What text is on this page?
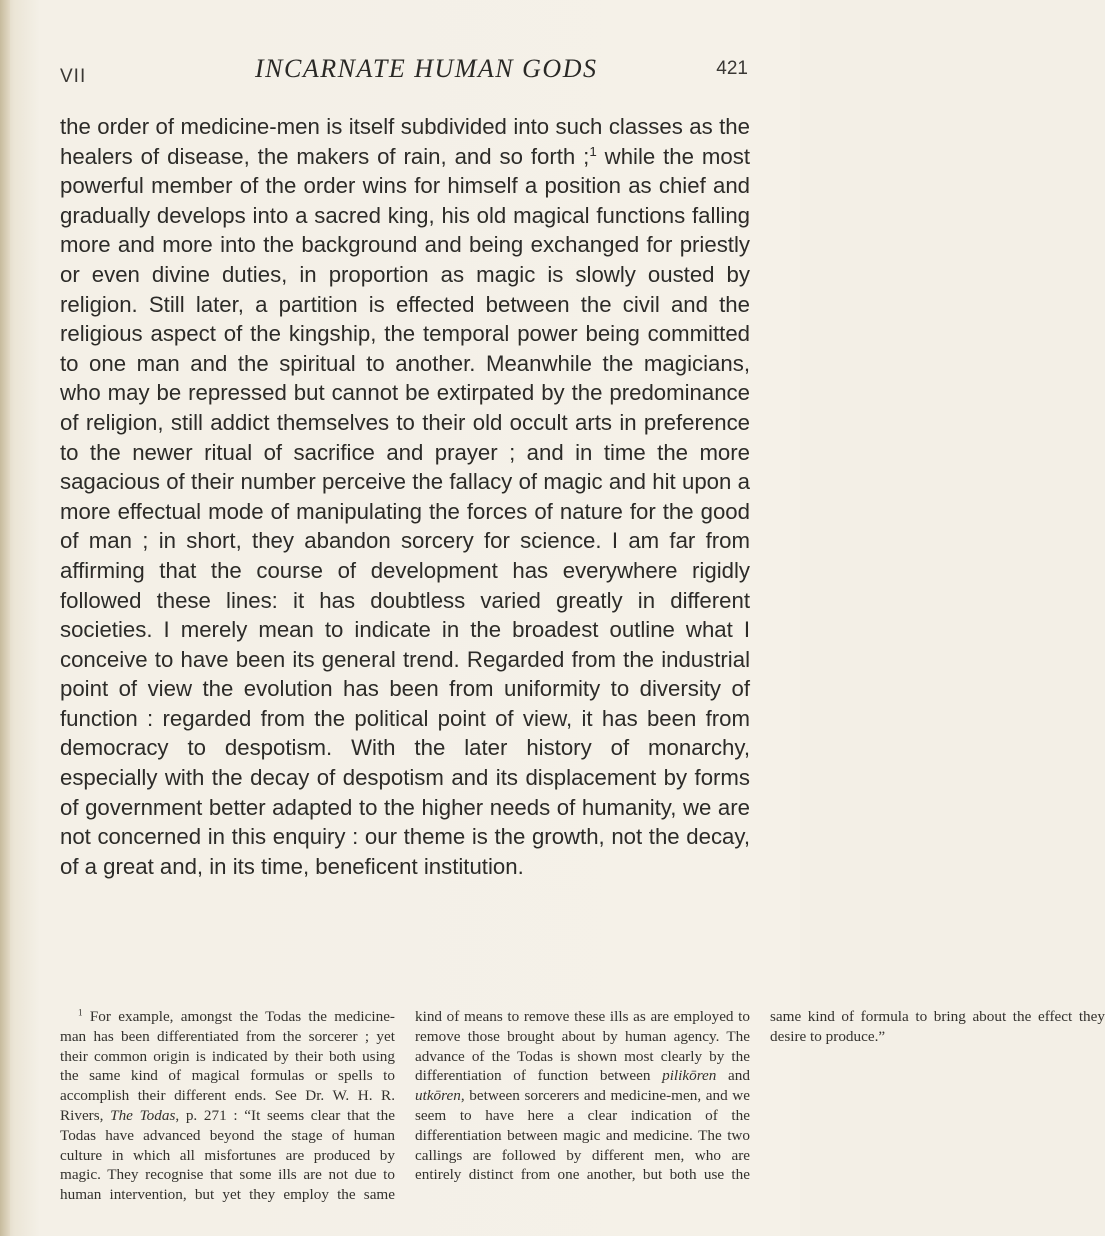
VII	INCARNATE HUMAN GODS	421
the order of medicine-men is itself subdivided into such classes as the healers of disease, the makers of rain, and so forth ;$^1$ while the most powerful member of the order wins for himself a position as chief and gradually develops into a sacred king, his old magical functions falling more and more into the background and being exchanged for priestly or even divine duties, in proportion as magic is slowly ousted by religion. Still later, a partition is effected between the civil and the religious aspect of the kingship, the temporal power being committed to one man and the spiritual to another. Meanwhile the magicians, who may be repressed but cannot be extirpated by the predominance of religion, still addict themselves to their old occult arts in preference to the newer ritual of sacrifice and prayer ; and in time the more sagacious of their number perceive the fallacy of magic and hit upon a more effectual mode of manipulating the forces of nature for the good of man ; in short, they abandon sorcery for science. I am far from affirming that the course of development has everywhere rigidly followed these lines: it has doubtless varied greatly in different societies. I merely mean to indicate in the broadest outline what I conceive to have been its general trend. Regarded from the industrial point of view the evolution has been from uniformity to diversity of function : regarded from the political point of view, it has been from democracy to despotism. With the later history of monarchy, especially with the decay of despotism and its displacement by forms of government better adapted to the higher needs of humanity, we are not concerned in this enquiry : our theme is the growth, not the decay, of a great and, in its time, beneficent institution.

$^1$ For example, amongst the Todas the medicine-man has been differentiated from the sorcerer ; yet their common origin is indicated by their both using the same kind of magical formulas or spells to accomplish their different ends. See Dr. W. H. R. Rivers, The Todas, p. 271 : “It seems clear that the Todas have advanced beyond the stage of human culture in which all misfortunes are produced by magic. They recognise that some ills are not due to human intervention, but yet they employ the same kind of means to remove these ills as are employed to remove those brought about by human agency. The advance of the Todas is shown most clearly by the differentiation of function between pilikōren and utkōren, between sorcerers and medicine-men, and we seem to have here a clear indication of the differentiation between magic and medicine. The two callings are followed by different men, who are entirely distinct from one another, but both use the same kind of formula to bring about the effect they desire to produce.”
